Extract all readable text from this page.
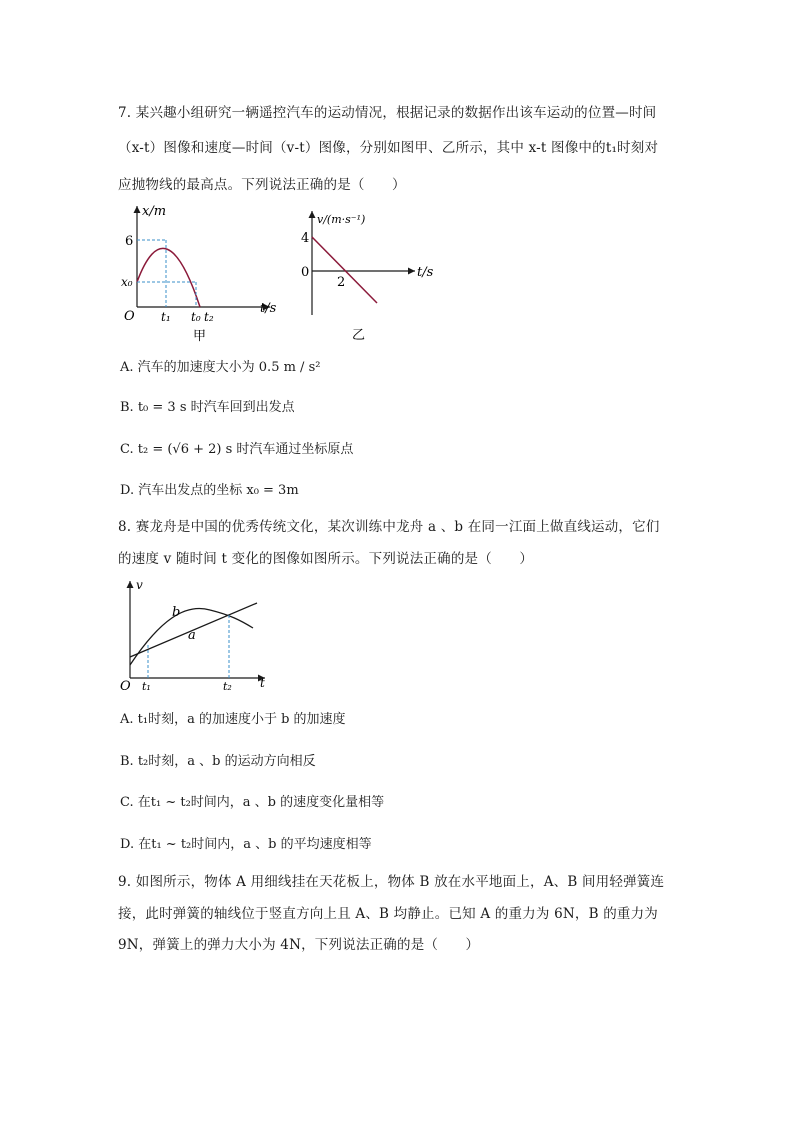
7. 某兴趣小组研究一辆遥控汽车的运动情况，根据记录的数据作出该车运动的位置—时间
（x-t）图像和速度—时间（v-t）图像，分别如图甲、乙所示，其中 x-t 图像中的t₁时刻对
应抛物线的最高点。下列说法正确的是（　　）
x/m
t/s
O
6
x₀
t₁ t₀ t₂
甲
v/(m·s⁻¹)
t/s
4
0
2
乙
A. 汽车的加速度大小为 0.5 m / s²
B. t₀ = 3 s 时汽车回到出发点
C. t₂ = (√6 + 2) s 时汽车通过坐标原点
D. 汽车出发点的坐标 x₀ = 3m
8. 赛龙舟是中国的优秀传统文化，某次训练中龙舟 a 、b 在同一江面上做直线运动，它们
的速度 v 随时间 t 变化的图像如图所示。下列说法正确的是（　　）
v
t
O t₁	t₂
b
a
A. t₁时刻，a 的加速度小于 b 的加速度
B. t₂时刻，a 、b 的运动方向相反
C. 在t₁ ~ t₂时间内，a 、b 的速度变化量相等
D. 在t₁ ~ t₂时间内，a 、b 的平均速度相等
9. 如图所示，物体 A 用细线挂在天花板上，物体 B 放在水平地面上，A、B 间用轻弹簧连
接，此时弹簧的轴线位于竖直方向上且 A、B 均静止。已知 A 的重力为 6N，B 的重力为
9N，弹簧上的弹力大小为 4N，下列说法正确的是（　　）
